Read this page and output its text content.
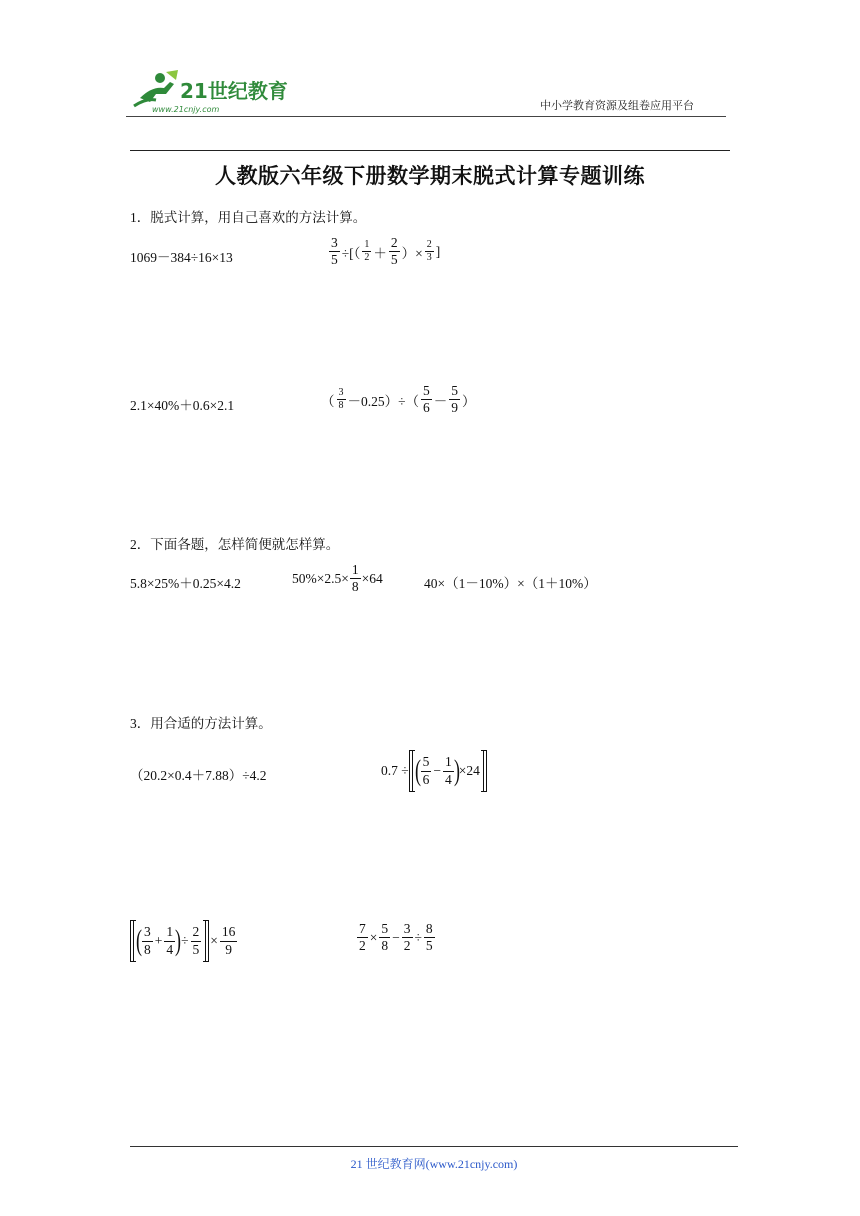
21世纪教育
www.21cnjy.com	中小学教育资源及组卷应用平台
人教版六年级下册数学期末脱式计算专题训练
1．脱式计算，用自己喜欢的方法计算。
1069－384÷16×13	$\frac{3}{5}$ ÷[（ $\frac{1}{2} + \frac{2}{5}$ ）× $\frac{2}{3}$ ]
2.1×40%＋0.6×2.1	（ $\frac{3}{8} -0.25)\div( \frac{5}{6} - \frac{5}{9}$ ）
2．下面各题，怎样简便就怎样算。
5.8×25%＋0.25×4.2	$50\%\times 2.5\times \frac{1}{8} \times 64$	40×（1－10%）×（1＋10%）
3．用合适的方法计算。
（20.2×0.4＋7.88）÷4.2	0.7 ÷ ( $\frac{5}{6} - \frac{1}{4}$ ) ×24
( $\frac{3}{8} + \frac{1}{4}$ ) ÷ $\frac{2}{5} \times \frac{16}{9}$	$\frac{7}{2} \times \frac{5}{8} - \frac{3}{2} \div \frac{8}{5}$
21 世纪教育网(www.21cnjy.com)
